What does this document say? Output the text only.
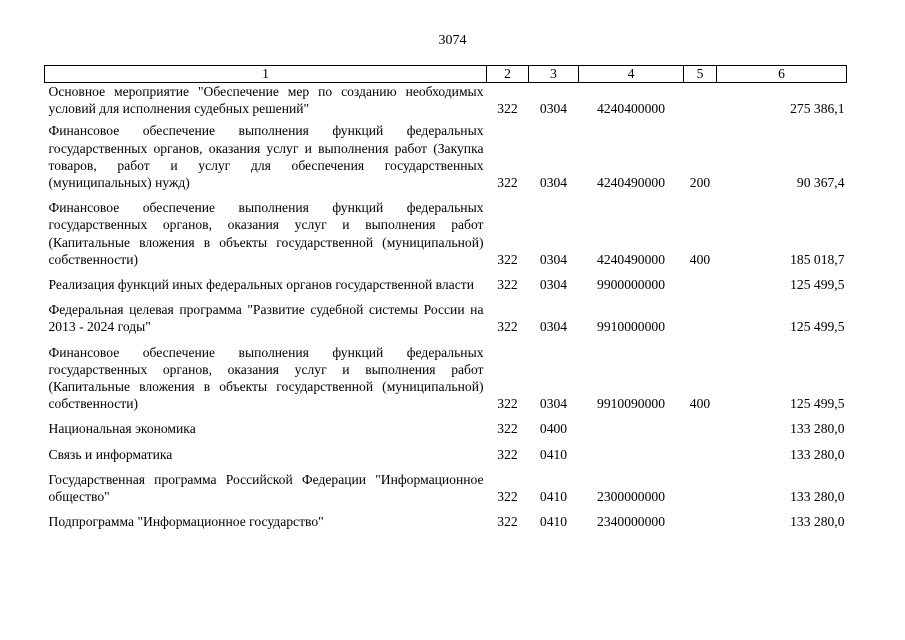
3074
1	2	3	4	5	6
Основное мероприятие "Обеспечение мер по созданию необходимых условий для исполнения судебных решений"	322	0304	4240400000		275 386,1
Финансовое обеспечение выполнения функций федеральных государственных органов, оказания услуг и выполнения работ (Закупка товаров, работ и услуг для обеспечения государственных (муниципальных) нужд)	322	0304	4240490000	200	90 367,4
Финансовое обеспечение выполнения функций федеральных государственных органов, оказания услуг и выполнения работ (Капитальные вложения в объекты государственной (муниципальной) собственности)	322	0304	4240490000	400	185 018,7
Реализация функций иных федеральных органов государственной власти	322	0304	9900000000		125 499,5
Федеральная целевая программа "Развитие судебной системы России на 2013 - 2024 годы"	322	0304	9910000000		125 499,5
Финансовое обеспечение выполнения функций федеральных государственных органов, оказания услуг и выполнения работ (Капитальные вложения в объекты государственной (муниципальной) собственности)	322	0304	9910090000	400	125 499,5
Национальная экономика	322	0400			133 280,0
Связь и информатика	322	0410			133 280,0
Государственная программа Российской Федерации "Информационное общество"	322	0410	2300000000		133 280,0
Подпрограмма "Информационное государство"	322	0410	2340000000		133 280,0
